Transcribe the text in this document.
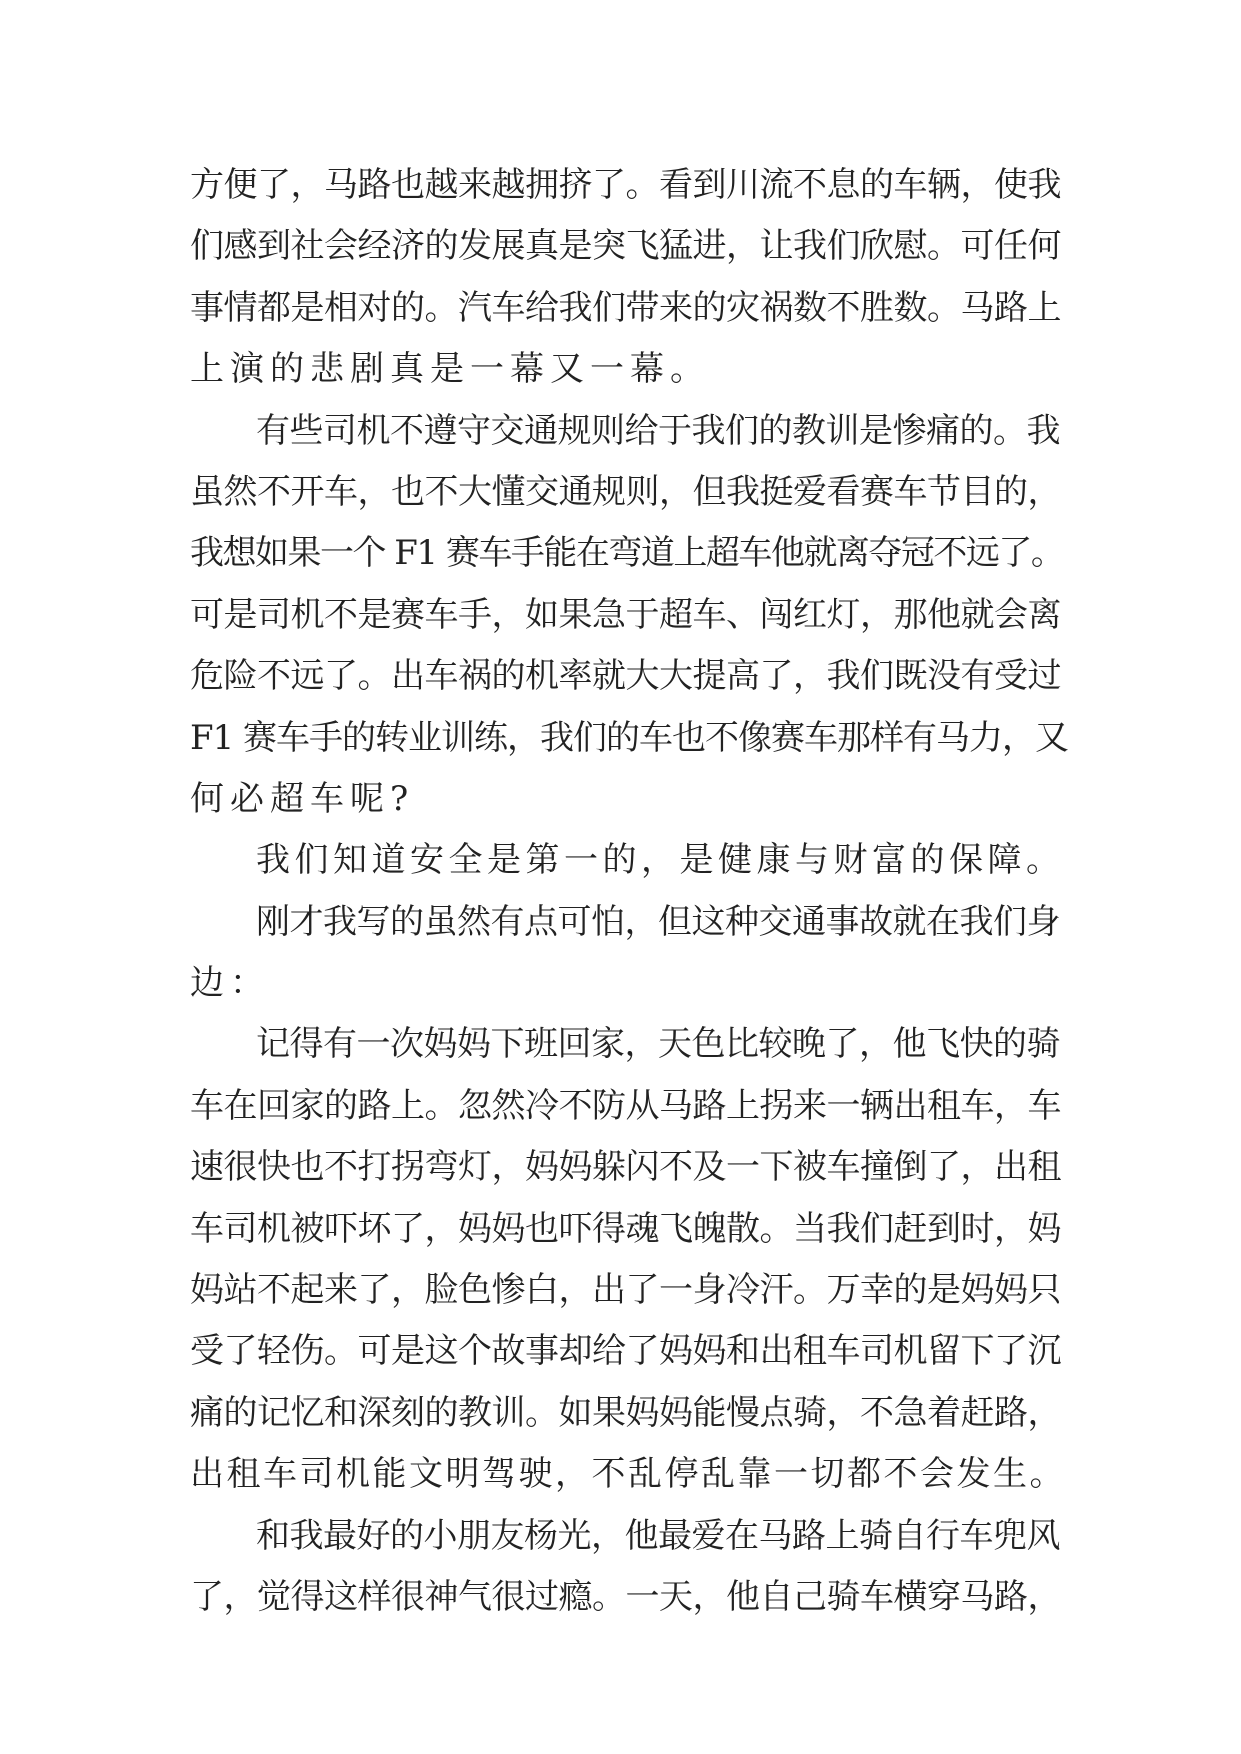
方便了，马路也越来越拥挤了。看到川流不息的车辆，使我
们感到社会经济的发展真是突飞猛进，让我们欣慰。可任何
事情都是相对的。汽车给我们带来的灾祸数不胜数。马路上
上演的悲剧真是一幕又一幕。
有些司机不遵守交通规则给于我们的教训是惨痛的。我
虽然不开车，也不大懂交通规则，但我挺爱看赛车节目的，
我想如果一个 F1 赛车手能在弯道上超车他就离夺冠不远了。
可是司机不是赛车手，如果急于超车、闯红灯，那他就会离
危险不远了。出车祸的机率就大大提高了，我们既没有受过
F1 赛车手的转业训练，我们的车也不像赛车那样有马力，又
何必超车呢?
我们知道安全是第一的，是健康与财富的保障。
刚才我写的虽然有点可怕，但这种交通事故就在我们身
边：
记得有一次妈妈下班回家，天色比较晚了，他飞快的骑
车在回家的路上。忽然冷不防从马路上拐来一辆出租车，车
速很快也不打拐弯灯，妈妈躲闪不及一下被车撞倒了，出租
车司机被吓坏了，妈妈也吓得魂飞魄散。当我们赶到时，妈
妈站不起来了，脸色惨白，出了一身冷汗。万幸的是妈妈只
受了轻伤。可是这个故事却给了妈妈和出租车司机留下了沉
痛的记忆和深刻的教训。如果妈妈能慢点骑，不急着赶路，
出租车司机能文明驾驶，不乱停乱靠一切都不会发生。
和我最好的小朋友杨光，他最爱在马路上骑自行车兜风
了，觉得这样很神气很过瘾。一天，他自己骑车横穿马路，
